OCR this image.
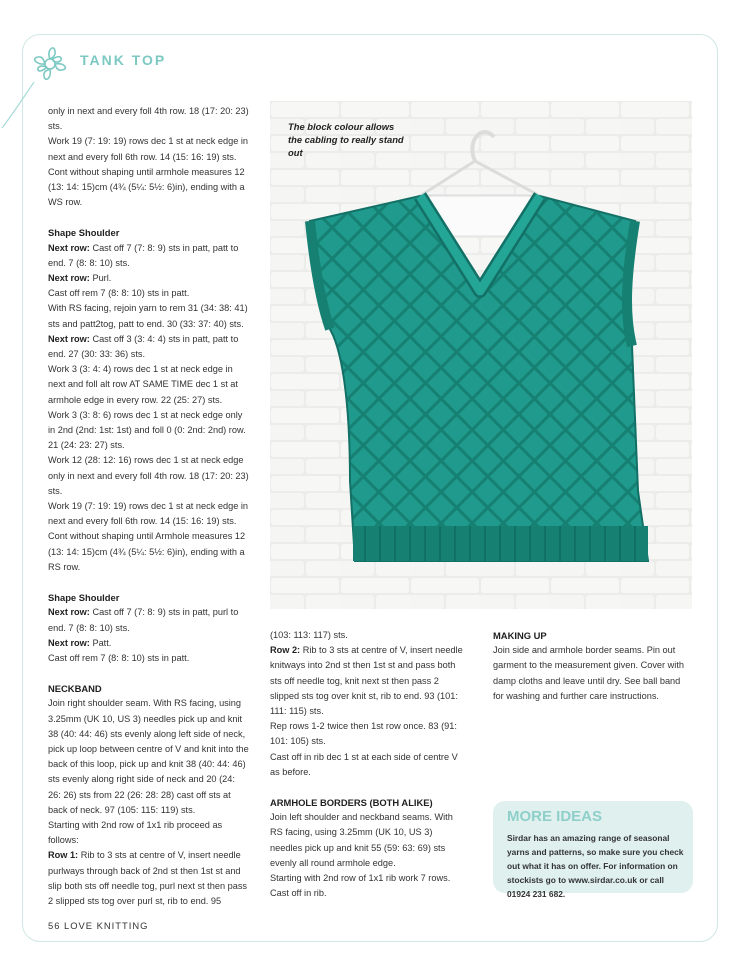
TANK TOP

only in next and every foll 4th row. 18 (17: 20: 23) sts.

Work 19 (7: 19: 19) rows dec 1 st at neck edge in next and every foll 6th row. 14 (15: 16: 19) sts.

Cont without shaping until armhole measures 12 (13: 14: 15)cm (4¾ (5¼: 5½: 6)in), ending with a WS row.

Shape Shoulder

Next row: Cast off 7 (7: 8: 9) sts in patt, patt to end. 7 (8: 8: 10) sts.

Next row: Purl.

Cast off rem 7 (8: 8: 10) sts in patt.

With RS facing, rejoin yarn to rem 31 (34: 38: 41) sts and patt2tog, patt to end. 30 (33: 37: 40) sts.

Next row: Cast off 3 (3: 4: 4) sts in patt, patt to end. 27 (30: 33: 36) sts.

Work 3 (3: 4: 4) rows dec 1 st at neck edge in next and foll alt row AT SAME TIME dec 1 st at armhole edge in every row. 22 (25: 27) sts.

Work 3 (3: 8: 6) rows dec 1 st at neck edge only in 2nd (2nd: 1st: 1st) and foll 0 (0: 2nd: 2nd) row. 21 (24: 23: 27) sts.

Work 12 (28: 12: 16) rows dec 1 st at neck edge only in next and every foll 4th row. 18 (17: 20: 23) sts.

Work 19 (7: 19: 19) rows dec 1 st at neck edge in next and every foll 6th row. 14 (15: 16: 19) sts.

Cont without shaping until Armhole measures 12 (13: 14: 15)cm (4¾ (5¼: 5½: 6)in), ending with a RS row.

Shape Shoulder

Next row: Cast off 7 (7: 8: 9) sts in patt, purl to end. 7 (8: 8: 10) sts.

Next row: Patt.

Cast off rem 7 (8: 8: 10) sts in patt.

NECKBAND

Join right shoulder seam. With RS facing, using 3.25mm (UK 10, US 3) needles pick up and knit 38 (40: 44: 46) sts evenly along left side of neck, pick up loop between centre of V and knit into the back of this loop, pick up and knit 38 (40: 44: 46) sts evenly along right side of neck and 20 (24: 26: 26) sts from 22 (26: 28: 28) cast off sts at back of neck. 97 (105: 115: 119) sts.

Starting with 2nd row of 1x1 rib proceed as follows:

Row 1: Rib to 3 sts at centre of V, insert needle purlways through back of 2nd st then 1st st and slip both sts off needle tog, purl next st then pass 2 slipped sts tog over purl st, rib to end. 95

The block colour allows the cabling to really stand out

(103: 113: 117) sts.

Row 2: Rib to 3 sts at centre of V, insert needle knitways into 2nd st then 1st st and pass both sts off needle tog, knit next st then pass 2 slipped sts tog over knit st, rib to end. 93 (101: 111: 115) sts.

Rep rows 1-2 twice then 1st row once. 83 (91: 101: 105) sts.

Cast off in rib dec 1 st at each side of centre V as before.

ARMHOLE BORDERS (BOTH ALIKE)

Join left shoulder and neckband seams. With RS facing, using 3.25mm (UK 10, US 3) needles pick up and knit 55 (59: 63: 69) sts evenly all round armhole edge.

Starting with 2nd row of 1x1 rib work 7 rows. Cast off in rib.

MAKING UP

Join side and armhole border seams. Pin out garment to the measurement given. Cover with damp cloths and leave until dry. See ball band for washing and further care instructions.

MORE IDEAS
Sirdar has an amazing range of seasonal yarns and patterns, so make sure you check out what it has on offer. For information on stockists go to www.sirdar.co.uk or call 01924 231 682.
56 LOVE KNITTING
